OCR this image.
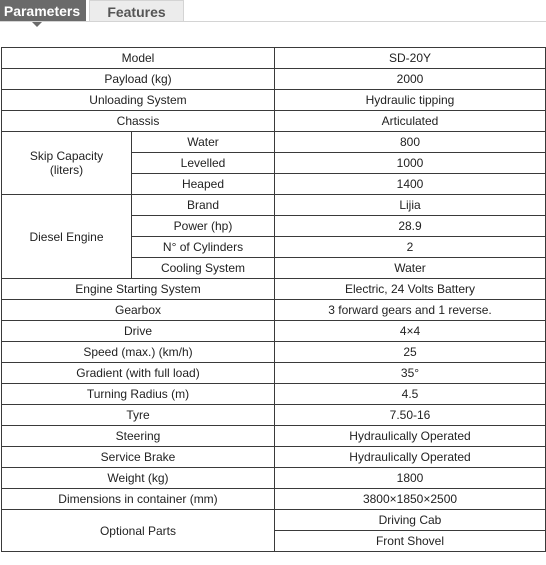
Parameters	Features
Model		SD-20Y
Payload (kg)		2000
Unloading System		Hydraulic tipping
Chassis		Articulated
Skip Capacity
(liters)	Water	800
	Levelled	1000
	Heaped	1400
Diesel Engine	Brand	Lijia
	Power (hp)	28.9
	N° of Cylinders	2
	Cooling System	Water
Engine Starting System		Electric, 24 Volts Battery
Gearbox		3 forward gears and 1 reverse.
Drive		4×4
Speed (max.) (km/h)		25
Gradient (with full load)		35°
Turning Radius (m)		4.5
Tyre		7.50-16
Steering		Hydraulically Operated
Service Brake		Hydraulically Operated
Weight (kg)		1800
Dimensions in container (mm)		3800×1850×2500
Optional Parts		Driving Cab
		Front Shovel
